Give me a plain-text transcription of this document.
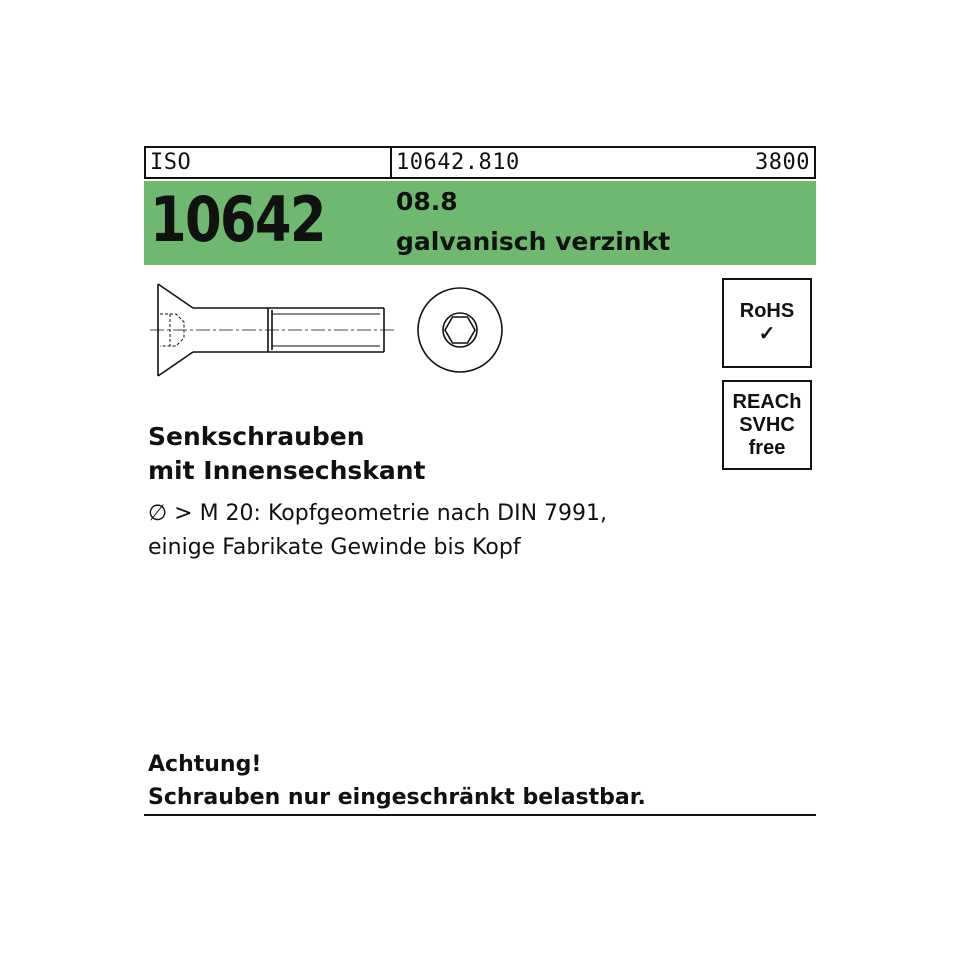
ISO	10642.810	3800
10642	08.8
galvanisch verzinkt
RoHS
✓
REACh
SVHC
free
Senkschrauben
mit Innensechskant
∅ > M 20: Kopfgeometrie nach DIN 7991,
einige Fabrikate Gewinde bis Kopf
Achtung!
Schrauben nur eingeschränkt belastbar.
